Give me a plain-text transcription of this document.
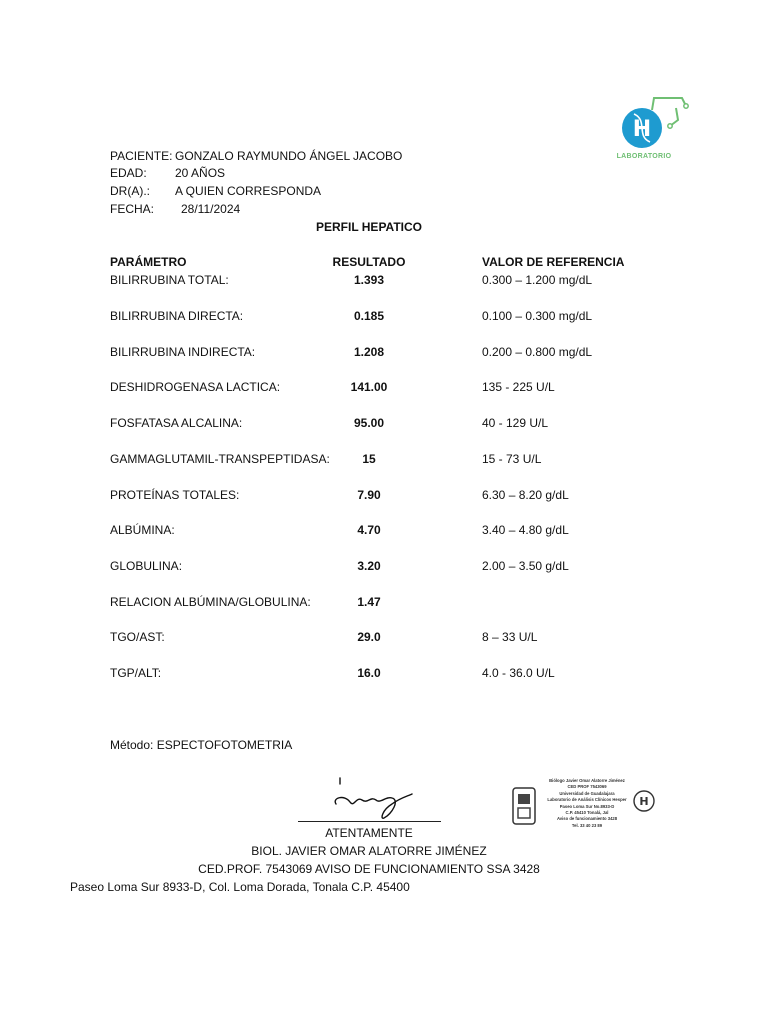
H
LABORATORIO
PACIENTE: GONZALO RAYMUNDO ÁNGEL JACOBO
EDAD: 20 AÑOS
DR(A).: A QUIEN CORRESPONDA
FECHA: 28/11/2024
PERFIL HEPATICO
PARÁMETRO	RESULTADO	VALOR DE REFERENCIA
BILIRRUBINA TOTAL:	1.393	0.300 – 1.200 mg/dL
BILIRRUBINA DIRECTA:	0.185	0.100 – 0.300 mg/dL
BILIRRUBINA INDIRECTA:	1.208	0.200 – 0.800 mg/dL
DESHIDROGENASA LACTICA:	141.00	135 - 225 U/L
FOSFATASA ALCALINA:	95.00	40 - 129 U/L
GAMMAGLUTAMIL-TRANSPEPTIDASA:	15	15 - 73 U/L
PROTEÍNAS TOTALES:	7.90	6.30 – 8.20 g/dL
ALBÚMINA:	4.70	3.40 – 4.80 g/dL
GLOBULINA:	3.20	2.00 – 3.50 g/dL
RELACION ALBÚMINA/GLOBULINA:	1.47
TGO/AST:	29.0	8 – 33 U/L
TGP/ALT:	16.0	4.0 - 36.0 U/L
Método: ESPECTOFOTOMETRIA
ATENTAMENTE
BIOL. JAVIER OMAR ALATORRE JIMÉNEZ
CED.PROF. 7543069 AVISO DE FUNCIONAMIENTO SSA 3428
Paseo Loma Sur 8933-D, Col. Loma Dorada, Tonala C.P. 45400
Biólogo Javier Omar Alatorre Jiménez
CED PROF 7543069
Universidad de Guadalajara
Laboratorio de Análisis Clínicos Hesper
Paseo Loma Sur No.8933-D
C.P. 45410 Tonalá, Jal
Aviso de funcionamiento 3428
Tel. 33 40 23 89
H
